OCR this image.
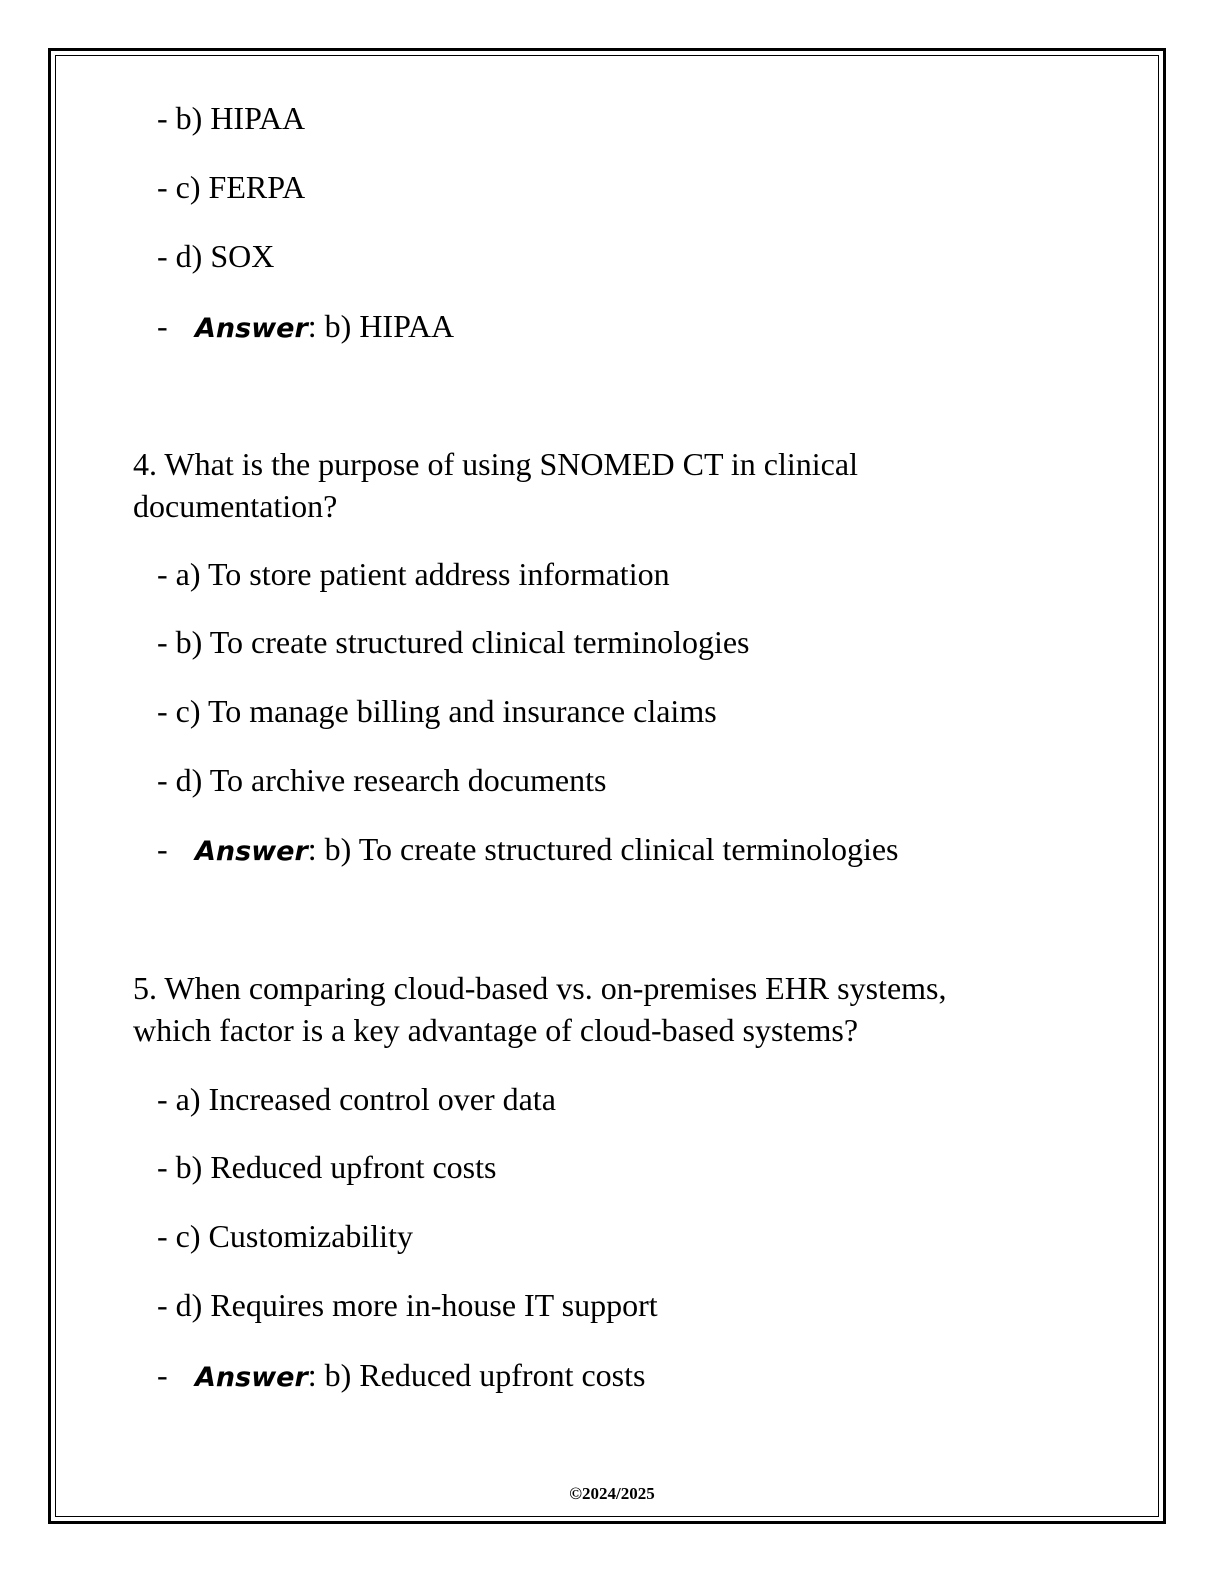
- b) HIPAA
- c) FERPA
- d) SOX
- Answer: b) HIPAA
4. What is the purpose of using SNOMED CT in clinical
documentation?
- a) To store patient address information
- b) To create structured clinical terminologies
- c) To manage billing and insurance claims
- d) To archive research documents
- Answer: b) To create structured clinical terminologies
5. When comparing cloud-based vs. on-premises EHR systems,
which factor is a key advantage of cloud-based systems?
- a) Increased control over data
- b) Reduced upfront costs
- c) Customizability
- d) Requires more in-house IT support
- Answer: b) Reduced upfront costs
©2024/2025
